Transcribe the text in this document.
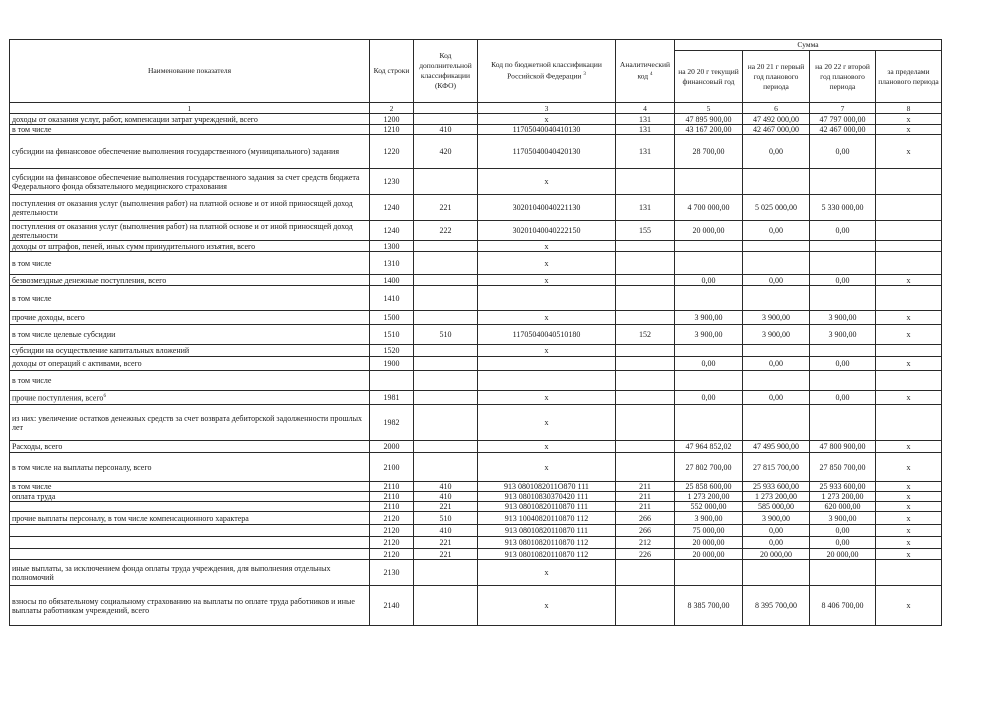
Наименование показателя	Код строки	Код дополнительной классификации (КФО)	Код по бюджетной классификации Российской Федерации $^3$	Аналитический код $^4$	Сумма			
					на 20 20 г текущий финансовый год	на 20 21 г первый год планового периода	на 20 22 г второй год планового периода	за пределами планового периода
1	2		3	4	5	6	7	8
доходы от оказания услуг, работ, компенсации затрат учреждений, всего	1200		x	131	47 895 900,00	47 492 000,00	47 797 000,00	x
в том числе	1210	410	11705040040410130	131	43 167 200,00	42 467 000,00	42 467 000,00	x
субсидии на финансовое обеспечение выполнения государственного (муниципального) задания	1220	420	11705040040420130	131	28 700,00	0,00	0,00	x
субсидии на финансовое обеспечение выполнения государственного задания за счет средств бюджета Федерального фонда обязательного медицинского страхования	1230		x					
поступления от оказания услуг (выполнения работ) на платной основе и от иной приносящей доход деятельности	1240	221	30201040040221130	131	4 700 000,00	5 025 000,00	5 330 000,00	
поступления от оказания услуг (выполнения работ) на платной основе и от иной приносящей доход деятельности	1240	222	30201040040222150	155	20 000,00	0,00	0,00	
доходы от штрафов, пеней, иных сумм принудительного изъятия, всего	1300		x					
в том числе	1310		x					
безвозмездные денежные поступления, всего	1400		x		0,00	0,00	0,00	x
в том числе	1410							
прочие доходы, всего	1500		x		3 900,00	3 900,00	3 900,00	x
в том числе целевые субсидии	1510	510	11705040040510180	152	3 900,00	3 900,00	3 900,00	x
субсидии на осуществление капитальных вложений	1520		x					
доходы от операций с активами, всего	1900				0,00	0,00	0,00	x
в том числе								
прочие поступления, всего$^6$	1981		x		0,00	0,00	0,00	x
из них: увеличение остатков денежных средств за счет возврата дебиторской задолженности прошлых лет	1982		x					
Расходы, всего	2000		x		47 964 852,02	47 495 900,00	47 800 900,00	x
в том числе на выплаты персоналу, всего	2100		x		27 802 700,00	27 815 700,00	27 850 700,00	x
в том числе	2110	410	913 0801082011О870 111	211	25 858 600,00	25 933 600,00	25 933 600,00	x
оплата труда	2110	410	913 08010830370420 111	211	1 273 200,00	1 273 200,00	1 273 200,00	x
	2110	221	913 08010820110870 111	211	552 000,00	585 000,00	620 000,00	x
прочие выплаты персоналу, в том числе компенсационного характера	2120	510	913 10040820110870 112	266	3 900,00	3 900,00	3 900,00	x
	2120	410	913 08010820110870 111	266	75 000,00	0,00	0,00	x
	2120	221	913 08010820110870 112	212	20 000,00	0,00	0,00	x
	2120	221	913 08010820110870 112	226	20 000,00	20 000,00	20 000,00	x
иные выплаты, за исключением фонда оплаты труда учреждения, для выполнения отдельных полномочий	2130		x					
взносы по обязательному социальному страхованию на выплаты по оплате труда работников и иные выплаты работникам учреждений, всего	2140		x		8 385 700,00	8 395 700,00	8 406 700,00	x
